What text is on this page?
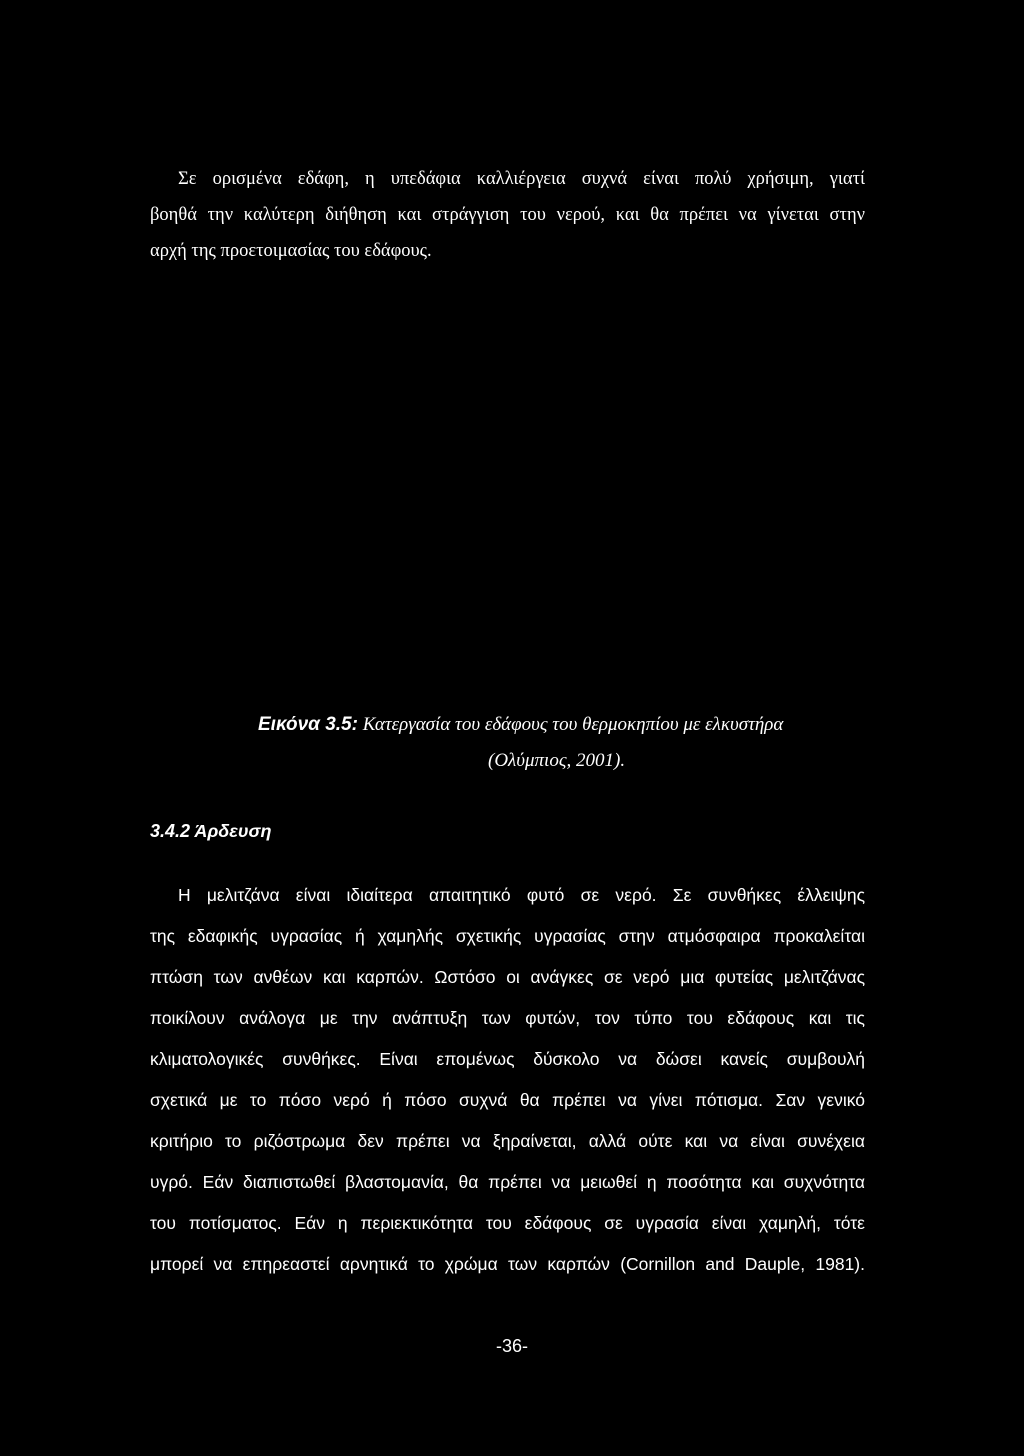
Σε ορισμένα εδάφη, η υπεδάφια καλλιέργεια συχνά είναι πολύ χρήσιμη, γιατί
βοηθά την καλύτερη διήθηση και στράγγιση του νερού, και θα πρέπει να γίνεται στην
αρχή της προετοιμασίας του εδάφους.
Εικόνα 3.5: Κατεργασία του εδάφους του θερμοκηπίου με ελκυστήρα
(Ολύμπιος, 2001).
3.4.2 Άρδευση
Η μελιτζάνα είναι ιδιαίτερα απαιτητικό φυτό σε νερό. Σε συνθήκες έλλειψης
της εδαφικής υγρασίας ή χαμηλής σχετικής υγρασίας στην ατμόσφαιρα προκαλείται
πτώση των ανθέων και καρπών. Ωστόσο οι ανάγκες σε νερό μια φυτείας μελιτζάνας
ποικίλουν ανάλογα με την ανάπτυξη των φυτών, τον τύπο του εδάφους και τις
κλιματολογικές συνθήκες. Είναι επομένως δύσκολο να δώσει κανείς συμβουλή
σχετικά με το πόσο νερό ή πόσο συχνά θα πρέπει να γίνει πότισμα. Σαν γενικό
κριτήριο το ριζόστρωμα δεν πρέπει να ξηραίνεται, αλλά ούτε και να είναι συνέχεια
υγρό. Εάν διαπιστωθεί βλαστομανία, θα πρέπει να μειωθεί η ποσότητα και συχνότητα
του ποτίσματος. Εάν η περιεκτικότητα του εδάφους σε υγρασία είναι χαμηλή, τότε
μπορεί να επηρεαστεί αρνητικά το χρώμα των καρπών (Cornillon and Dauple, 1981).
-36-
